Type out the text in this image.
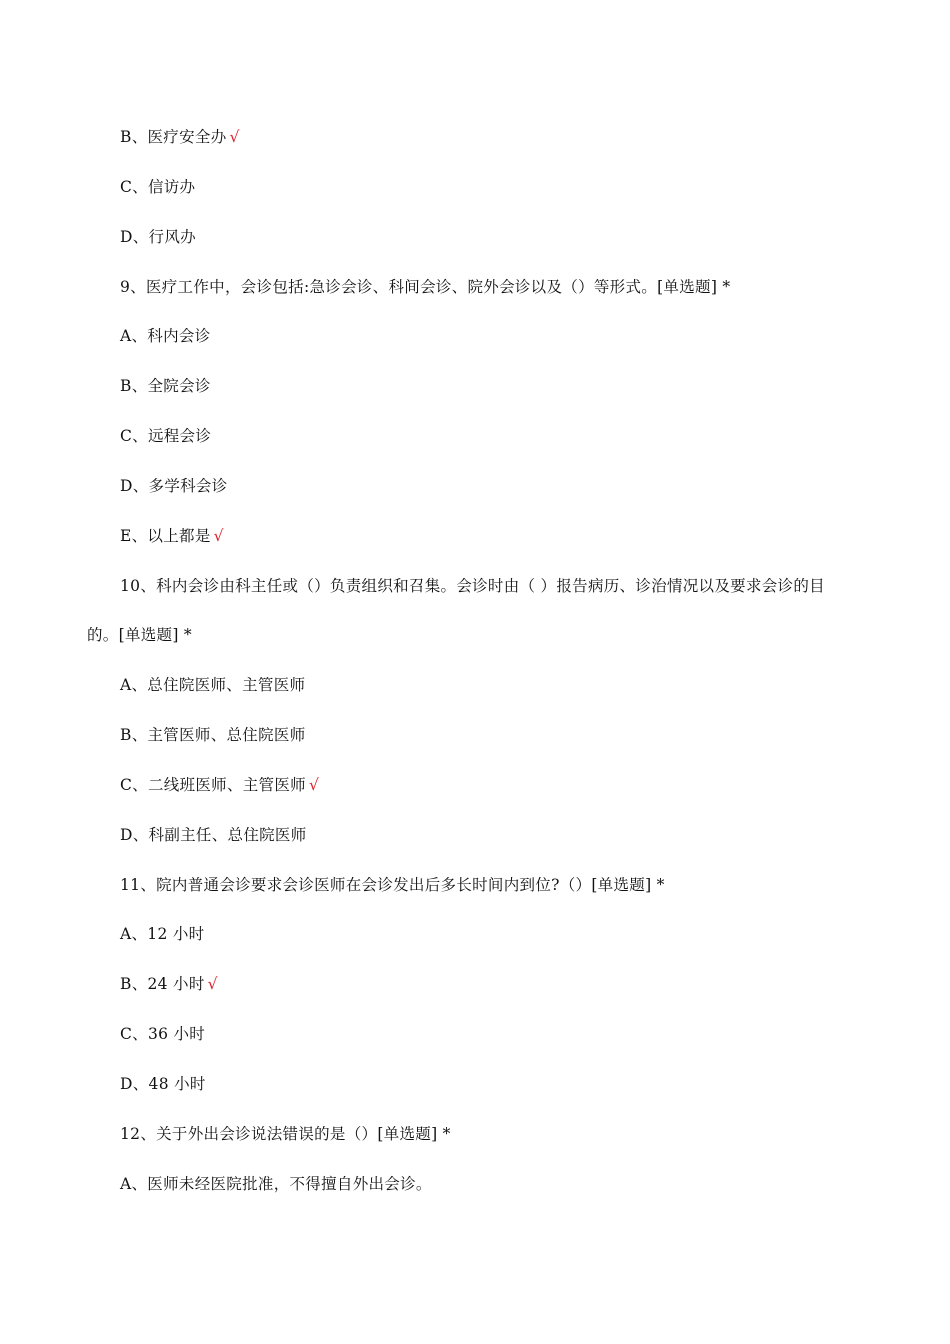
B、医疗安全办 √
C、信访办
D、行风办
9、医疗工作中，会诊包括:急诊会诊、科间会诊、院外会诊以及（）等形式。[单选题] *
A、科内会诊
B、全院会诊
C、远程会诊
D、多学科会诊
E、以上都是 √
10、科内会诊由科主任或（）负责组织和召集。会诊时由（ ）报告病历、诊治情况以及要求会诊的目
的。[单选题] *
A、总住院医师、主管医师
B、主管医师、总住院医师
C、二线班医师、主管医师 √
D、科副主任、总住院医师
11、院内普通会诊要求会诊医师在会诊发出后多长时间内到位?（）[单选题] *
A、12 小时
B、24 小时 √
C、36 小时
D、48 小时
12、关于外出会诊说法错误的是（）[单选题] *
A、医师未经医院批准，不得擅自外出会诊。
